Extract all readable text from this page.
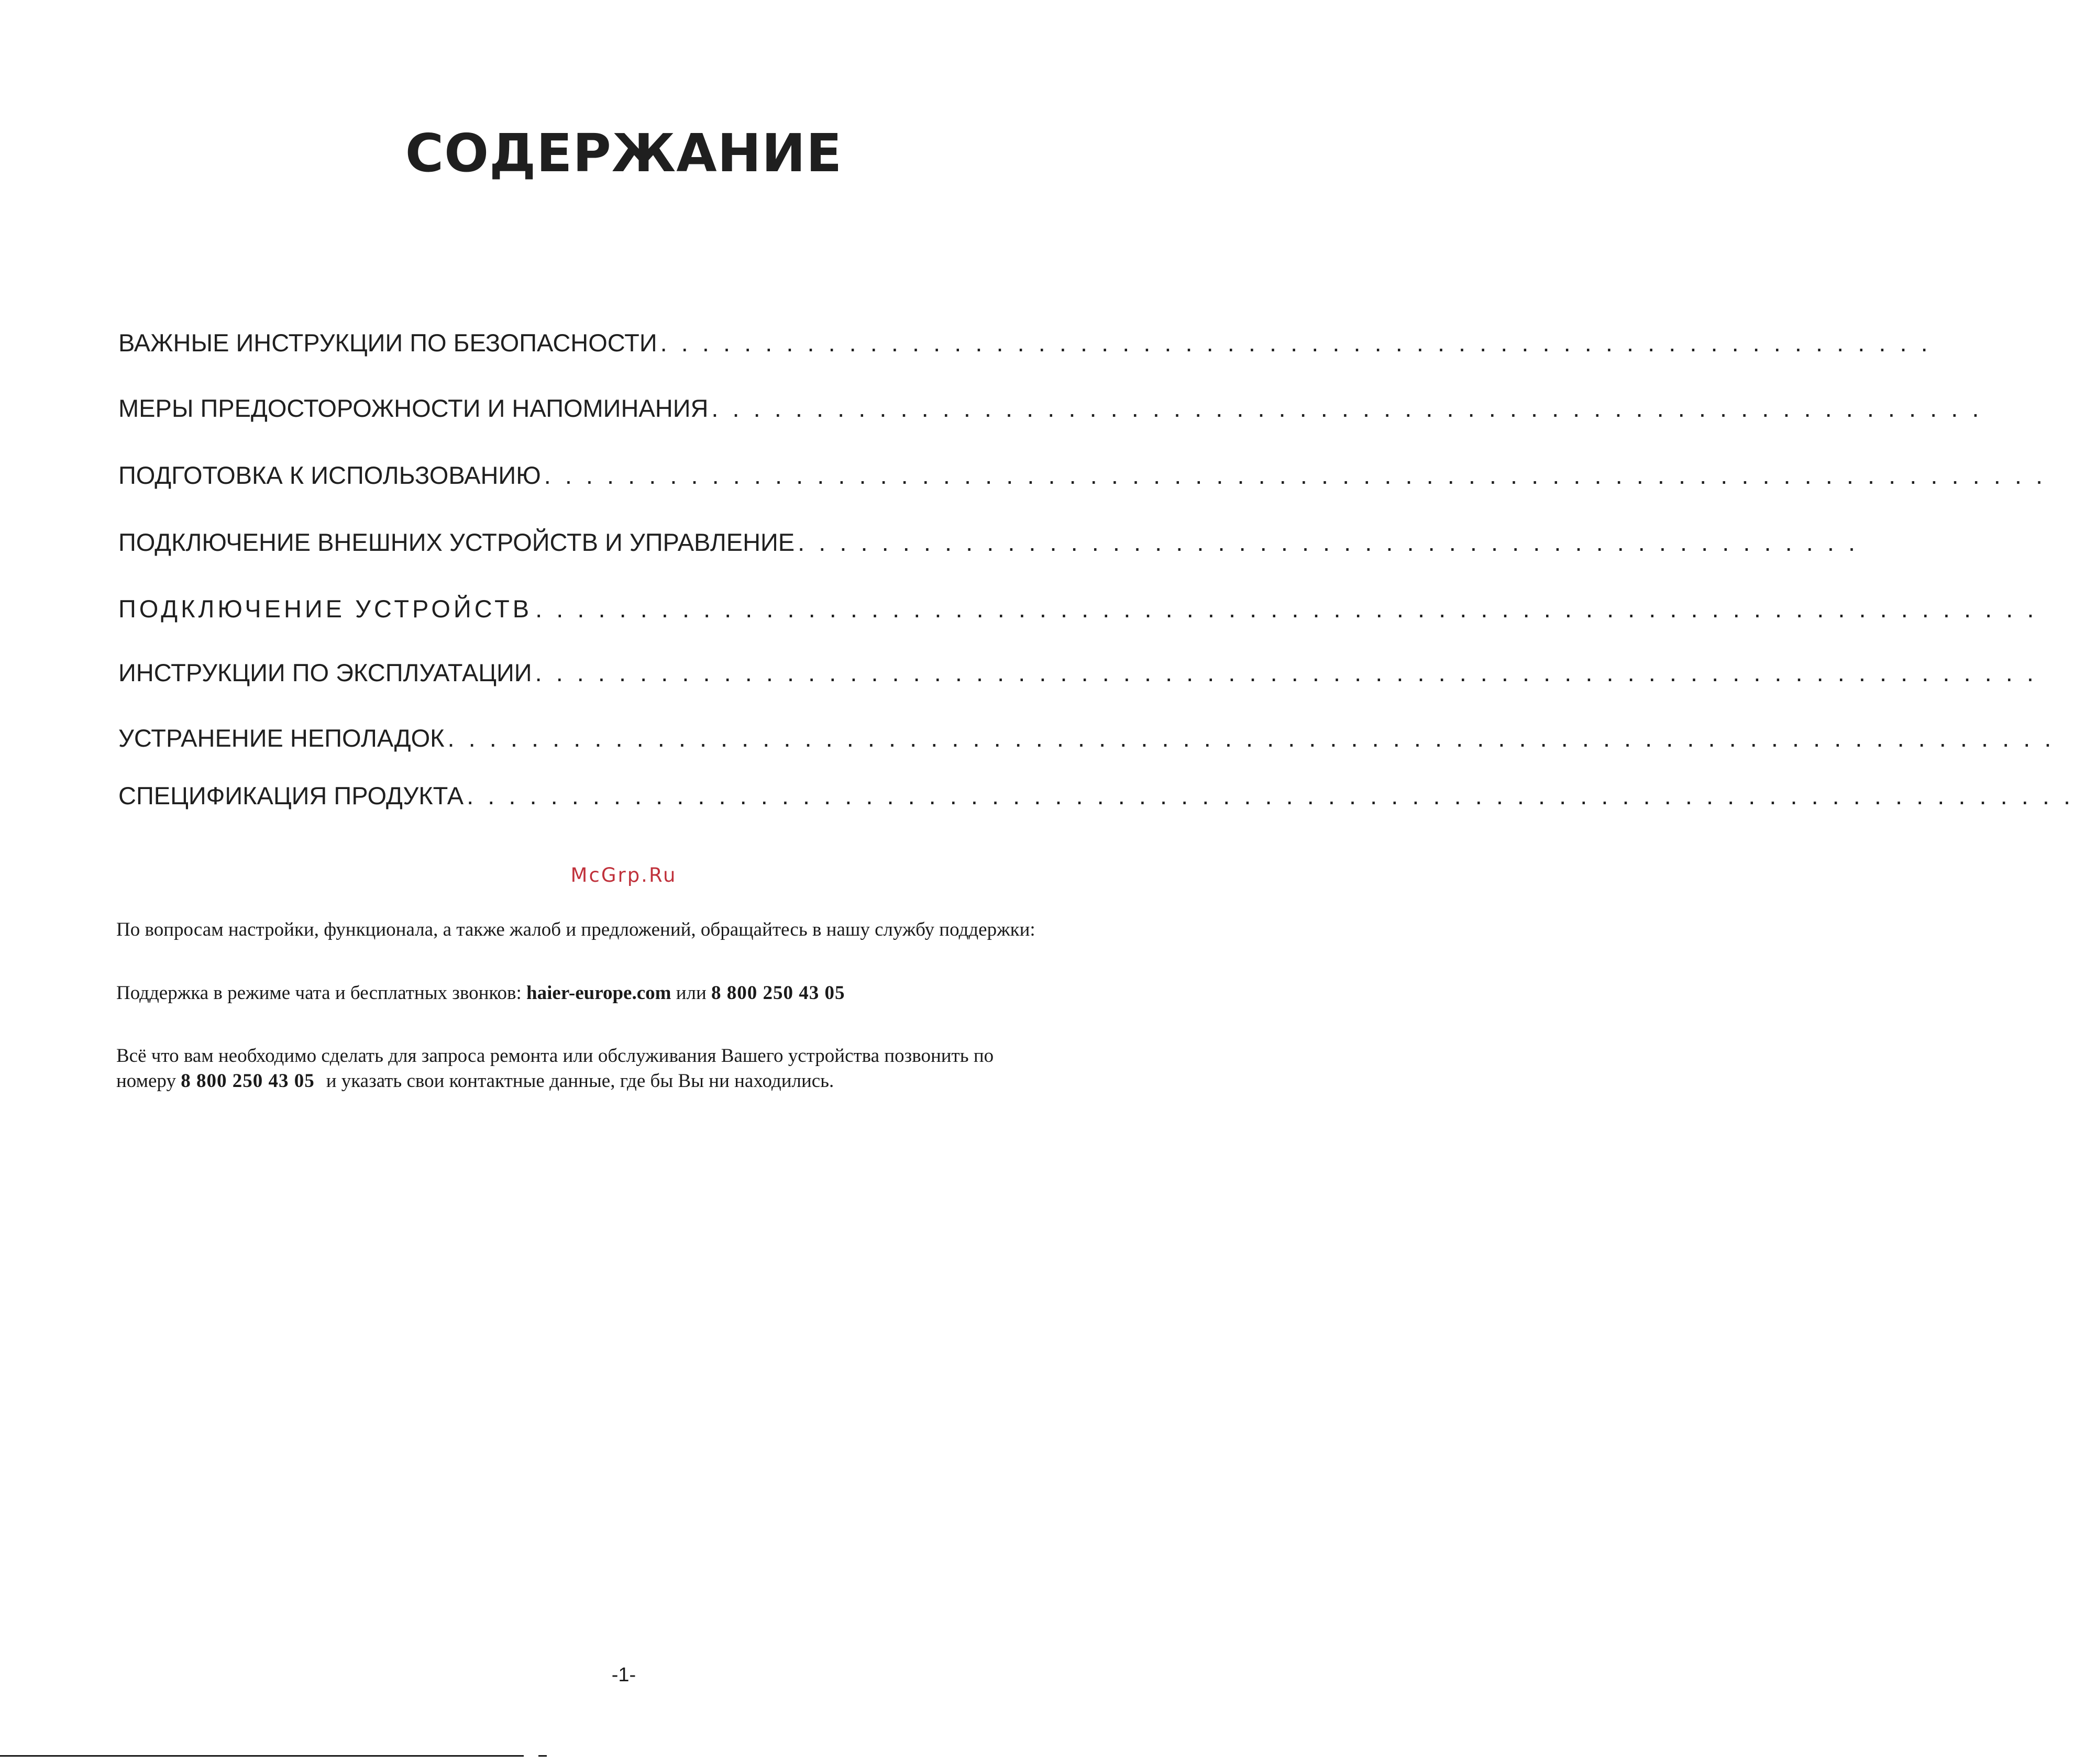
СОДЕРЖАНИЕ
ВАЖНЫЕ ИНСТРУКЦИИ ПО БЕЗОПАСНОСТИ . . . . . . . . . . . . . . . . . . . . . . . . . . . . . . . . . . . . . . . . . . . . . . . . . . . . . . . . . . . . .
МЕРЫ ПРЕДОСТОРОЖНОСТИ И НАПОМИНАНИЯ . . . . . . . . . . . . . . . . . . . . . . . . . . . . . . . . . . . . . . . . . . . . . . . . . . . . . . . . . . . . .
ПОДГОТОВКА К ИСПОЛЬЗОВАНИЮ . . . . . . . . . . . . . . . . . . . . . . . . . . . . . . . . . . . . . . . . . . . . . . . . . . . . . . . . . . . . . . . . . . . . . . . .
ПОДКЛЮЧЕНИЕ ВНЕШНИХ УСТРОЙСТВ И УПРАВЛЕНИЕ . . . . . . . . . . . . . . . . . . . . . . . . . . . . . . . . . . . . . . . . . . . . . . . . . . .
ПОДКЛЮЧЕНИЕ УСТРОЙСТВ . . . . . . . . . . . . . . . . . . . . . . . . . . . . . . . . . . . . . . . . . . . . . . . . . . . . . . . . . . . . . . . . . . . . . . . .
ИНСТРУКЦИИ ПО ЭКСПЛУАТАЦИИ . . . . . . . . . . . . . . . . . . . . . . . . . . . . . . . . . . . . . . . . . . . . . . . . . . . . . . . . . . . . . . . . . . . . . . . .
УСТРАНЕНИЕ НЕПОЛАДОК . . . . . . . . . . . . . . . . . . . . . . . . . . . . . . . . . . . . . . . . . . . . . . . . . . . . . . . . . . . . . . . . . . . . . . . . . . . . .
СПЕЦИФИКАЦИЯ ПРОДУКТА . . . . . . . . . . . . . . . . . . . . . . . . . . . . . . . . . . . . . . . . . . . . . . . . . . . . . . . . . . . . . . . . . . . . . . . . . . . . .
McGrp.Ru
По вопросам настройки, функционала, а также жалоб и предложений, обращайтесь в нашу службу поддержки:
Поддержка в режиме чата и бесплатных звонков: haier-europe.com или 8 800 250 43 05
Всё что вам необходимо сделать для запроса ремонта или обслуживания Вашего устройства позвонить по
номеру 8 800 250 43 05 и указать свои контактные данные, где бы Вы ни находились.
-1-
